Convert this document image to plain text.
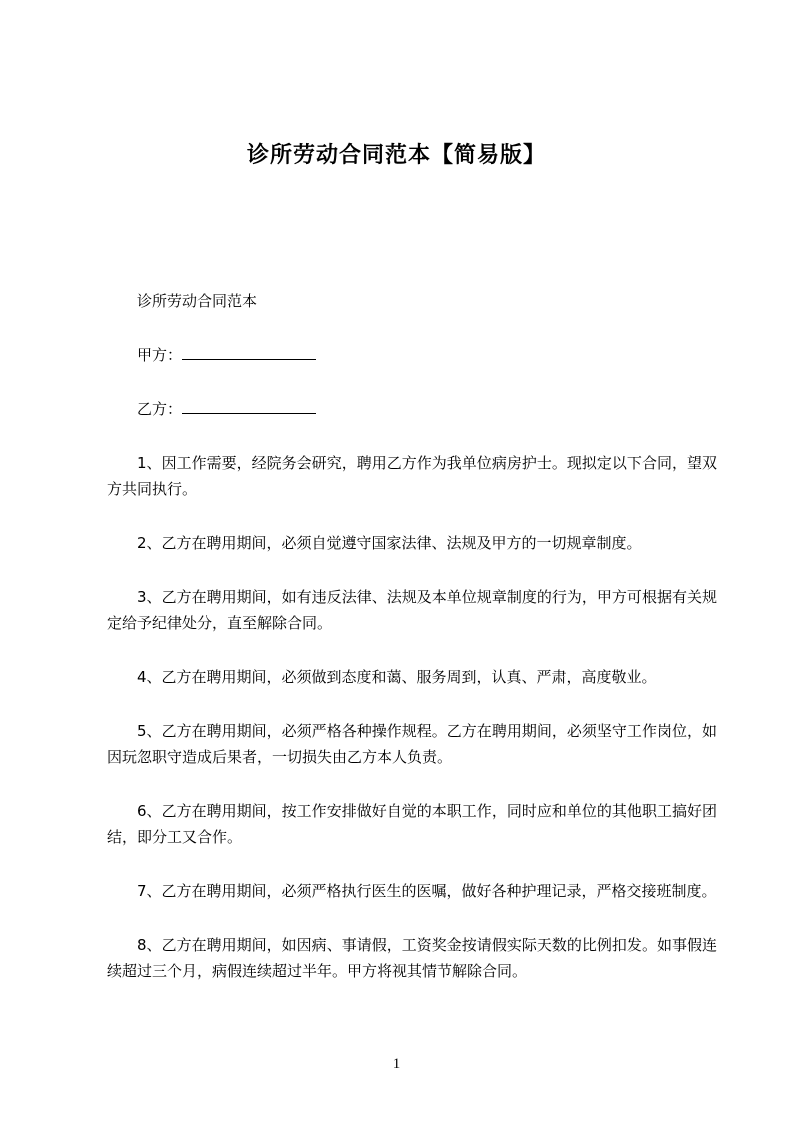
诊所劳动合同范本【简易版】
诊所劳动合同范本
甲方：
乙方：

1、因工作需要，经院务会研究，聘用乙方作为我单位病房护士。现拟定以下合同，望双方共同执行。

2、乙方在聘用期间，必须自觉遵守国家法律、法规及甲方的一切规章制度。

3、乙方在聘用期间，如有违反法律、法规及本单位规章制度的行为，甲方可根据有关规定给予纪律处分，直至解除合同。

4、乙方在聘用期间，必须做到态度和蔼、服务周到，认真、严肃，高度敬业。

5、乙方在聘用期间，必须严格各种操作规程。乙方在聘用期间，必须坚守工作岗位，如因玩忽职守造成后果者，一切损失由乙方本人负责。

6、乙方在聘用期间，按工作安排做好自觉的本职工作，同时应和单位的其他职工搞好团结，即分工又合作。

7、乙方在聘用期间，必须严格执行医生的医嘱，做好各种护理记录，严格交接班制度。

8、乙方在聘用期间，如因病、事请假，工资奖金按请假实际天数的比例扣发。如事假连续超过三个月，病假连续超过半年。甲方将视其情节解除合同。

1
